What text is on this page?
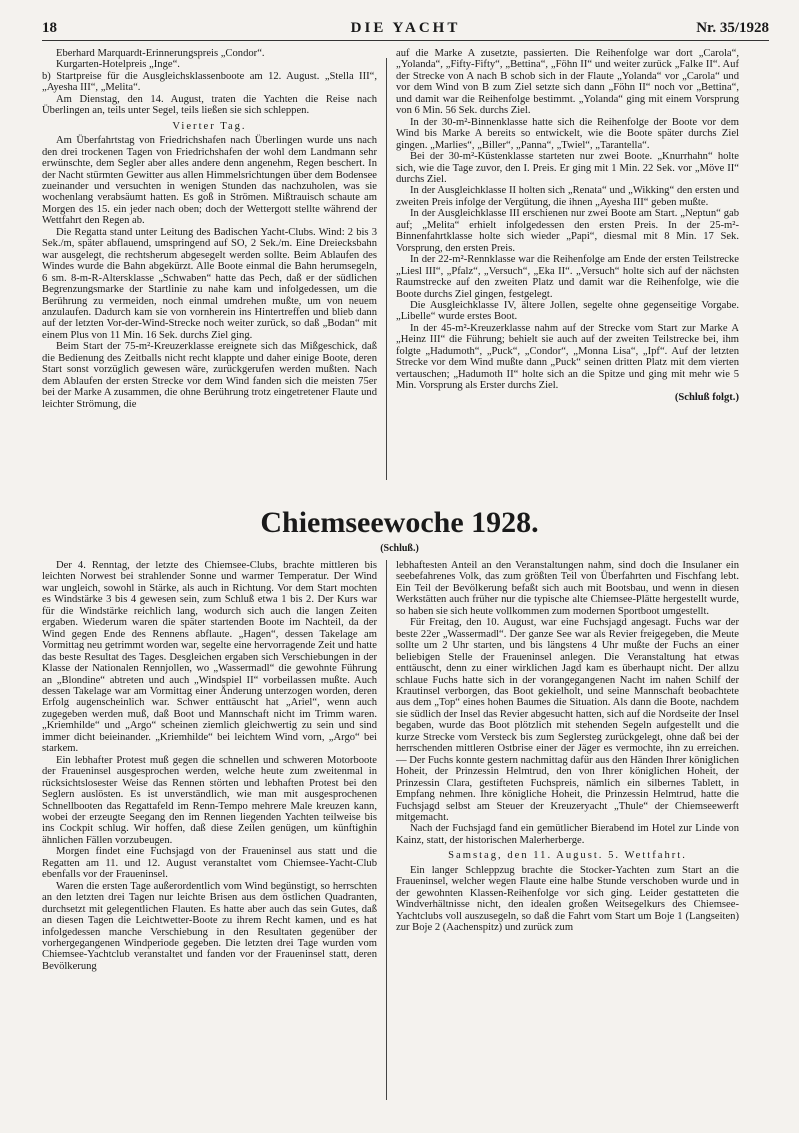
18	DIE YACHT	Nr. 35/1928

Eberhard Marquardt-Erinnerungspreis „Condor“.

Kurgarten-Hotelpreis „Inge“.

b) Startpreise für die Ausgleichsklassenboote am 12. August. „Stella III“, „Ayesha III“, „Melita“.

Am Dienstag, den 14. August, traten die Yachten die Reise nach Überlingen an, teils unter Segel, teils ließen sie sich schleppen.

Vierter Tag.

Am Überfahrtstag von Friedrichshafen nach Überlingen wurde uns nach den drei trockenen Tagen von Friedrichshafen der wohl dem Landmann sehr erwünschte, dem Segler aber alles andere denn angenehm, Regen beschert. In der Nacht stürmten Gewitter aus allen Himmelsrichtungen über dem Bodensee zueinander und versuchten in wenigen Stunden das nachzuholen, was sie wochenlang verabsäumt hatten. Es goß in Strömen. Mißtrauisch schaute am Morgen des 15. ein jeder nach oben; doch der Wettergott stellte während der Wettfahrt den Regen ab.

Die Regatta stand unter Leitung des Badischen Yacht-Clubs. Wind: 2 bis 3 Sek./m, später abflauend, umspringend auf SO, 2 Sek./m. Eine Dreiecksbahn war ausgelegt, die rechtsherum abgesegelt werden sollte. Beim Ablaufen des Windes wurde die Bahn abgekürzt. Alle Boote einmal die Bahn herumsegeln, 6 sm. 8-m-R-Altersklasse „Schwaben“ hatte das Pech, daß er der südlichen Begrenzungsmarke der Startlinie zu nahe kam und infolgedessen, um die Berührung zu vermeiden, noch einmal umdrehen mußte, um von neuem anzulaufen. Dadurch kam sie von vornherein ins Hintertreffen und blieb dann auf der letzten Vor-der-Wind-Strecke noch weiter zurück, so daß „Bodan“ mit einem Plus von 11 Min. 16 Sek. durchs Ziel ging.

Beim Start der 75-m²-Kreuzerklasse ereignete sich das Mißgeschick, daß die Bedienung des Zeitballs nicht recht klappte und daher einige Boote, deren Start sonst vorzüglich gewesen wäre, zurückgerufen werden mußten. Nach dem Ablaufen der ersten Strecke vor dem Wind fanden sich die meisten 75er bei der Marke A zusammen, die ohne Berührung trotz eingetretener Flaute und leichter Strömung, die

auf die Marke A zusetzte, passierten. Die Reihenfolge war dort „Carola“, „Yolanda“, „Fifty-Fifty“, „Bettina“, „Föhn II“ und weiter zurück „Falke II“. Auf der Strecke von A nach B schob sich in der Flaute „Yolanda“ vor „Carola“ und vor dem Wind von B zum Ziel setzte sich dann „Föhn II“ noch vor „Bettina“, und damit war die Reihenfolge bestimmt. „Yolanda“ ging mit einem Vorsprung von 6 Min. 56 Sek. durchs Ziel.

In der 30-m²-Binnenklasse hatte sich die Reihenfolge der Boote vor dem Wind bis Marke A bereits so entwickelt, wie die Boote später durchs Ziel gingen. „Marlies“, „Biller“, „Panna“, „Twiel“, „Tarantella“.

Bei der 30-m²-Küstenklasse starteten nur zwei Boote. „Knurrhahn“ holte sich, wie die Tage zuvor, den I. Preis. Er ging mit 1 Min. 22 Sek. vor „Möve II“ durchs Ziel.

In der Ausgleichklasse II holten sich „Renata“ und „Wikking“ den ersten und zweiten Preis infolge der Vergütung, die ihnen „Ayesha III“ geben mußte.

In der Ausgleichklasse III erschienen nur zwei Boote am Start. „Neptun“ gab auf; „Melita“ erhielt infolgedessen den ersten Preis. In der 25-m²-Binnenfahrtklasse holte sich wieder „Papi“, diesmal mit 8 Min. 17 Sek. Vorsprung, den ersten Preis.

In der 22-m²-Rennklasse war die Reihenfolge am Ende der ersten Teilstrecke „Liesl III“, „Pfalz“, „Versuch“, „Eka II“. „Versuch“ holte sich auf der nächsten Raumstrecke auf den zweiten Platz und damit war die Reihenfolge, wie die Boote durchs Ziel gingen, festgelegt.

Die Ausgleichklasse IV, ältere Jollen, segelte ohne gegenseitige Vorgabe. „Libelle“ wurde erstes Boot.

In der 45-m²-Kreuzerklasse nahm auf der Strecke vom Start zur Marke A „Heinz III“ die Führung; behielt sie auch auf der zweiten Teilstrecke bei, ihm folgte „Hadumoth“, „Puck“, „Condor“, „Monna Lisa“, „Ipf“. Auf der letzten Strecke vor dem Wind mußte dann „Puck“ seinen dritten Platz mit dem vierten vertauschen; „Hadumoth II“ holte sich an die Spitze und ging mit mehr wie 5 Min. Vorsprung als Erster durchs Ziel.

(Schluß folgt.)

Chiemseewoche 1928.
(Schluß.)

Der 4. Renntag, der letzte des Chiemsee-Clubs, brachte mittleren bis leichten Norwest bei strahlender Sonne und warmer Temperatur. Der Wind war ungleich, sowohl in Stärke, als auch in Richtung. Vor dem Start mochten es Windstärke 3 bis 4 gewesen sein, zum Schluß etwa 1 bis 2. Der Kurs war für die Windstärke reichlich lang, wodurch sich auch die langen Zeiten ergaben. Wiederum waren die später startenden Boote im Nachteil, da der Wind gegen Ende des Rennens abflaute. „Hagen“, dessen Takelage am Vormittag neu getrimmt worden war, segelte eine hervorragende Zeit und hatte das beste Resultat des Tages. Desgleichen ergaben sich Verschiebungen in der Klasse der Nationalen Rennjollen, wo „Wassermadl“ die gewohnte Führung an „Blondine“ abtreten und auch „Windspiel II“ vorbeilassen mußte. Auch dessen Takelage war am Vormittag einer Änderung unterzogen worden, deren Erfolg augenscheinlich war. Schwer enttäuscht hat „Ariel“, wenn auch zugegeben werden muß, daß Boot und Mannschaft nicht im Trimm waren. „Kriemhilde“ und „Argo“ scheinen ziemlich gleichwertig zu sein und sind immer dicht beieinander. „Kriemhilde“ bei leichtem Wind vorn, „Argo“ bei starkem.

Ein lebhafter Protest muß gegen die schnellen und schweren Motorboote der Fraueninsel ausgesprochen werden, welche heute zum zweitenmal in rücksichtslosester Weise das Rennen störten und lebhaften Protest bei den Seglern auslösten. Es ist unverständlich, wie man mit ausgesprochenen Schnellbooten das Regattafeld im Renn-Tempo mehrere Male kreuzen kann, wobei der erzeugte Seegang den im Rennen liegenden Yachten teilweise bis ins Cockpit schlug. Wir hoffen, daß diese Zeilen genügen, um künftighin ähnlichen Fällen vorzubeugen.

Morgen findet eine Fuchsjagd von der Fraueninsel aus statt und die Regatten am 11. und 12. August veranstaltet vom Chiemsee-Yacht-Club ebenfalls vor der Fraueninsel.

Waren die ersten Tage außerordentlich vom Wind begünstigt, so herrschten an den letzten drei Tagen nur leichte Brisen aus dem östlichen Quadranten, durchsetzt mit gelegentlichen Flauten. Es hatte aber auch das sein Gutes, daß an diesen Tagen die Leichtwetter-Boote zu ihrem Recht kamen, und es hat infolgedessen manche Verschiebung in den Resultaten gegenüber der vorhergegangenen Windperiode gegeben. Die letzten drei Tage wurden vom Chiemsee-Yachtclub veranstaltet und fanden vor der Fraueninsel statt, deren Bevölkerung

lebhaftesten Anteil an den Veranstaltungen nahm, sind doch die Insulaner ein seebefahrenes Volk, das zum größten Teil von Überfahrten und Fischfang lebt. Ein Teil der Bevölkerung befaßt sich auch mit Bootsbau, und wenn in diesen Werkstätten auch früher nur die typische alte Chiemsee-Plätte hergestellt wurde, so haben sie sich heute vollkommen zum modernen Sportboot umgestellt.

Für Freitag, den 10. August, war eine Fuchsjagd angesagt. Fuchs war der beste 22er „Wassermadl“. Der ganze See war als Revier freigegeben, die Meute sollte um 2 Uhr starten, und bis längstens 4 Uhr mußte der Fuchs an einer beliebigen Stelle der Fraueninsel anlegen. Die Veranstaltung hat etwas enttäuscht, denn zu einer wirklichen Jagd kam es überhaupt nicht. Der allzu schlaue Fuchs hatte sich in der vorangegangenen Nacht im nahen Schilf der Krautinsel verborgen, das Boot gekielholt, und seine Mannschaft beobachtete aus dem „Top“ eines hohen Baumes die Situation. Als dann die Boote, nachdem sie südlich der Insel das Revier abgesucht hatten, sich auf die Nordseite der Insel begaben, wurde das Boot plötzlich mit stehenden Segeln aufgestellt und die kurze Strecke vom Versteck bis zum Seglersteg zurückgelegt, ohne daß bei der herrschenden mittleren Ostbrise einer der Jäger es vermochte, ihn zu erreichen. — Der Fuchs konnte gestern nachmittag dafür aus den Händen Ihrer königlichen Hoheit, der Prinzessin Helmtrud, den von Ihrer königlichen Hoheit, der Prinzessin Clara, gestifteten Fuchspreis, nämlich ein silbernes Tablett, in Empfang nehmen. Ihre königliche Hoheit, die Prinzessin Helmtrud, hatte die Fuchsjagd selbst am Steuer der Kreuzeryacht „Thule“ der Chiemseewerft mitgemacht.

Nach der Fuchsjagd fand ein gemütlicher Bierabend im Hotel zur Linde von Kainz, statt, der historischen Malerherberge.

Samstag, den 11. August. 5. Wettfahrt.

Ein langer Schleppzug brachte die Stocker-Yachten zum Start an die Fraueninsel, welcher wegen Flaute eine halbe Stunde verschoben wurde und in der gewohnten Klassen-Reihenfolge vor sich ging. Leider gestatteten die Windverhältnisse nicht, den idealen großen Weitsegelkurs des Chiemsee-Yachtclubs voll auszusegeln, so daß die Fahrt vom Start um Boje 1 (Langseiten) zur Boje 2 (Aachenspitz) und zurück zum
